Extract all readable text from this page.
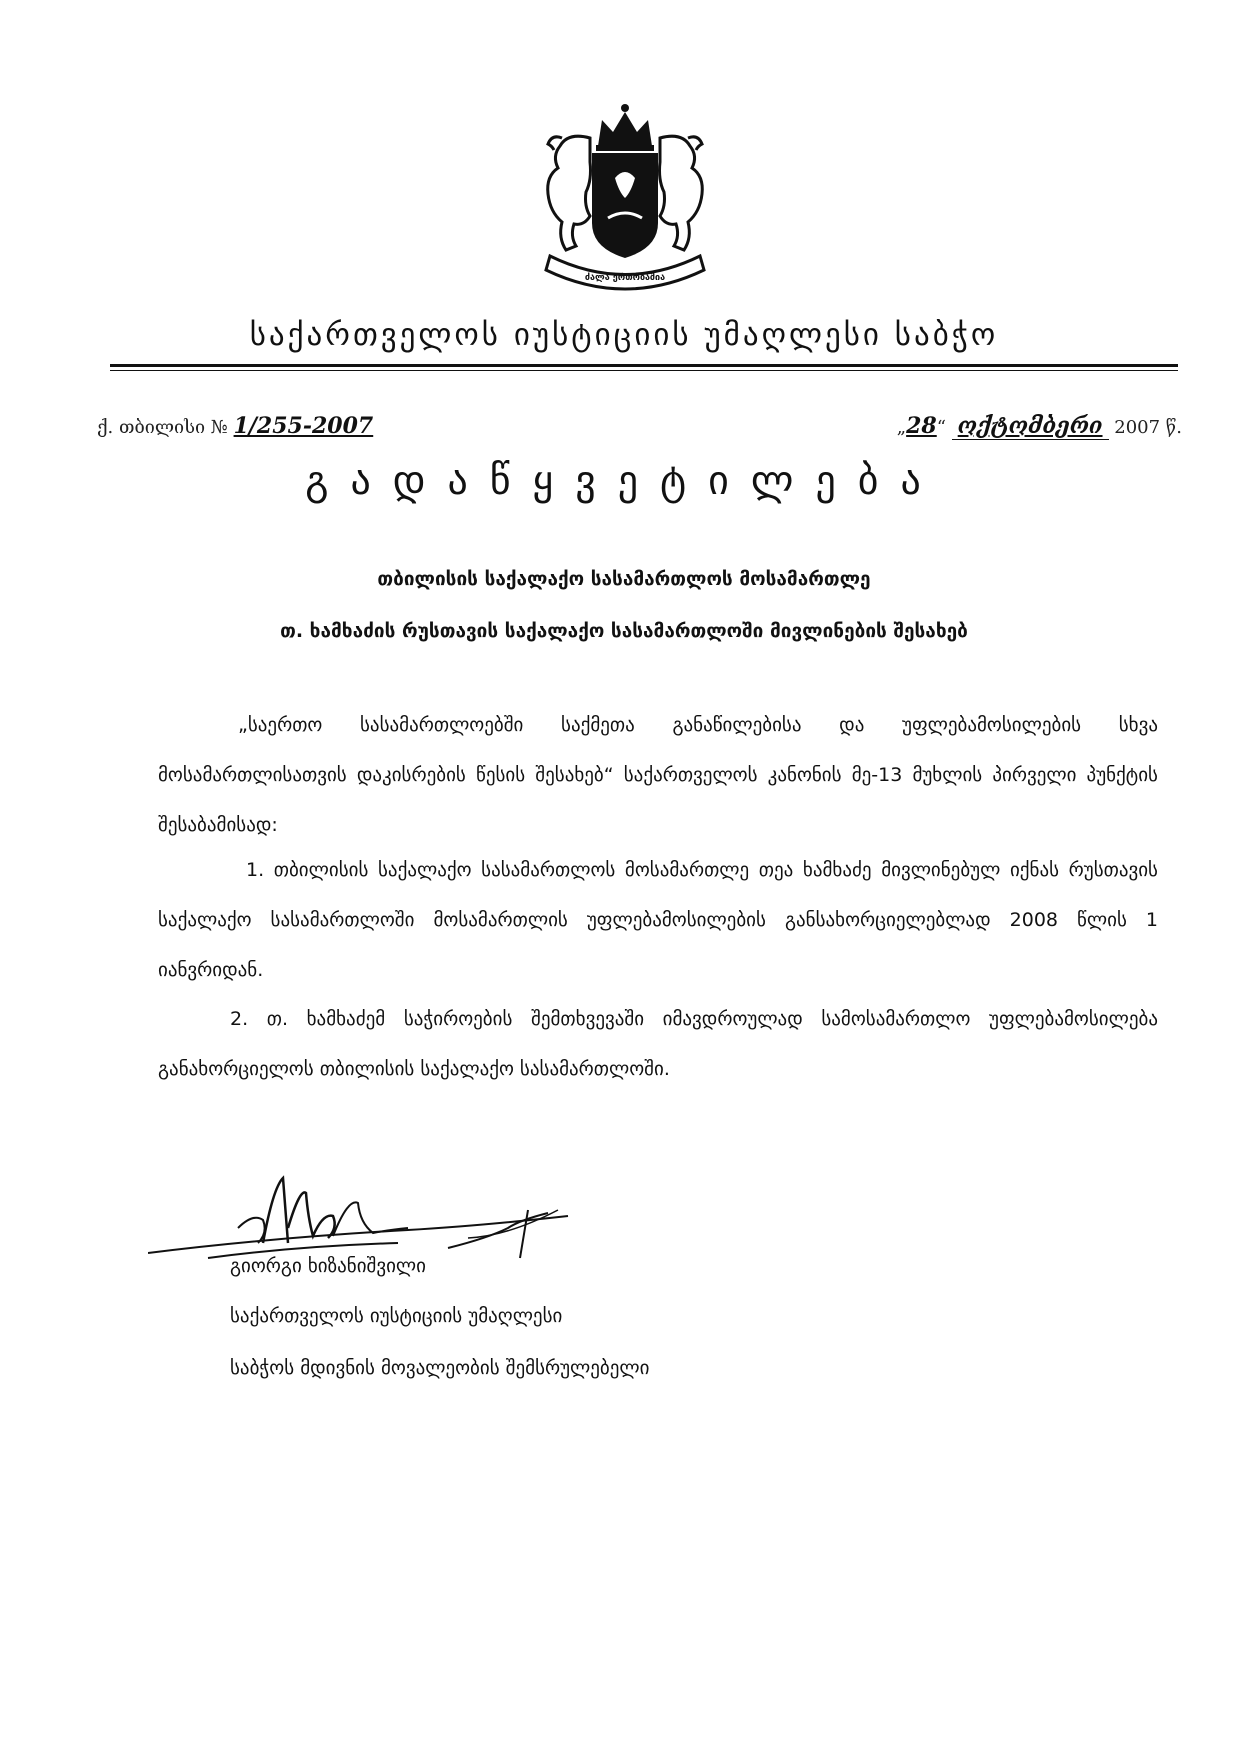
ძალა ერთობაშია
საქართველოს იუსტიციის უმაღლესი საბჭო
ქ. თბილისი № 1/255-2007	„28“ ოქტომბერი 2007 წ.
გადაწყვეტილება
თბილისის საქალაქო სასამართლოს მოსამართლე
თ. ხამხაძის რუსთავის საქალაქო სასამართლოში მივლინების შესახებ
„საერთო სასამართლოებში საქმეთა განაწილებისა და უფლებამოსილების სხვა მოსამართლისათვის დაკისრების წესის შესახებ“ საქართველოს კანონის მე-13 მუხლის პირველი პუნქტის შესაბამისად:
1. თბილისის საქალაქო სასამართლოს მოსამართლე თეა ხამხაძე მივლინებულ იქნას რუსთავის საქალაქო სასამართლოში მოსამართლის უფლებამოსილების განსახორციელებლად 2008 წლის 1 იანვრიდან.
2. თ. ხამხაძემ საჭიროების შემთხვევაში იმავდროულად სამოსამართლო უფლებამოსილება განახორციელოს თბილისის საქალაქო სასამართლოში.
გიორგი ხიზანიშვილი
საქართველოს იუსტიციის უმაღლესი
საბჭოს მდივნის მოვალეობის შემსრულებელი
